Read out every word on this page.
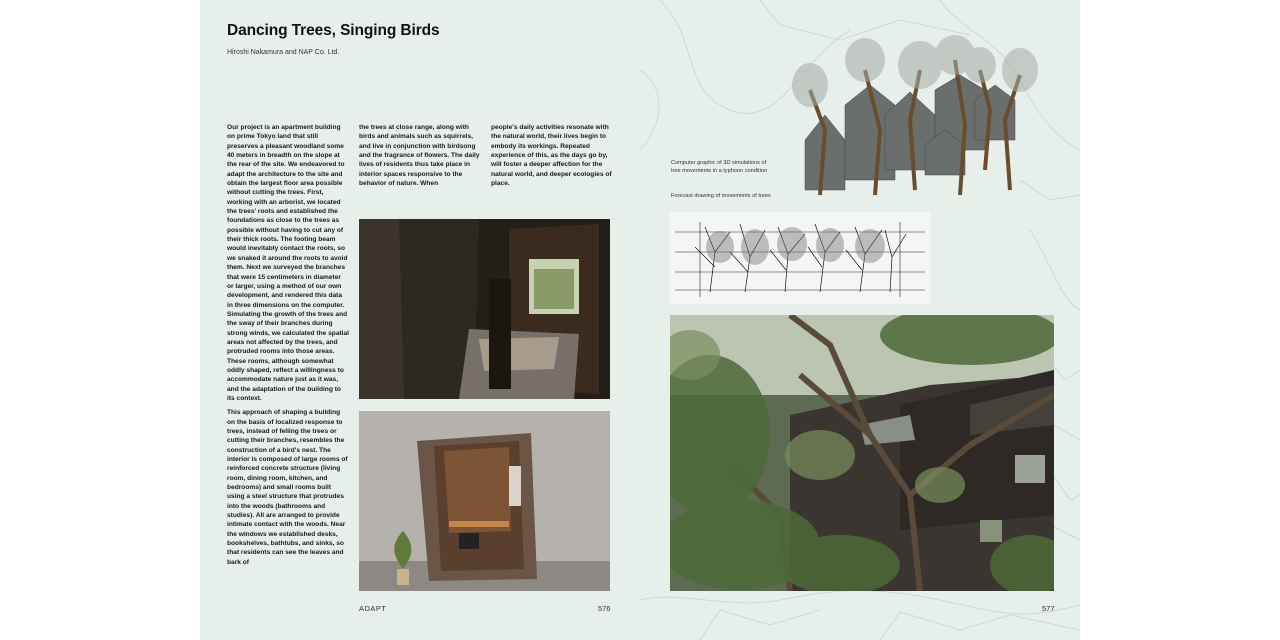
Dancing Trees, Singing Birds
Hiroshi Nakamura and NAP Co. Ltd.

Our project is an apartment building on prime Tokyo land that still preserves a pleasant woodland some 40 meters in breadth on the slope at the rear of the site. We endeavored to adapt the architecture to the site and obtain the largest floor area possible without cutting the trees. First, working with an arborist, we located the trees' roots and established the foundations as close to the trees as possible without having to cut any of their thick roots. The footing beam would inevitably contact the roots, so we snaked it around the roots to avoid them. Next we surveyed the branches that were 15 centimeters in diameter or larger, using a method of our own development, and rendered this data in three dimensions on the computer. Simulating the growth of the trees and the sway of their branches during strong winds, we calculated the spatial areas not affected by the trees, and protruded rooms into those areas. These rooms, although somewhat oddly shaped, reflect a willingness to accommodate nature just as it was, and the adaptation of the building to its context.

This approach of shaping a building on the basis of localized response to trees, instead of felling the trees or cutting their branches, resembles the construction of a bird's nest. The interior is composed of large rooms of reinforced concrete structure (living room, dining room, kitchen, and bedrooms) and small rooms built using a steel structure that protrudes into the woods (bathrooms and studies). All are arranged to provide intimate contact with the woods. Near the windows we established desks, bookshelves, bathtubs, and sinks, so that residents can see the leaves and bark of

the trees at close range, along with birds and animals such as squirrels, and live in conjunction with birdsong and the fragrance of flowers. The daily lives of residents thus take place in interior spaces responsive to the behavior of nature. When

people's daily activities resonate with the natural world, their lives begin to embody its workings. Repeated experience of this, as the days go by, will foster a deeper affection for the natural world, and deeper ecologies of place.

Computer graphic of 3D simulations of tree movements in a typhoon condition
Forecast drawing of movements of trees
ADAPT	576	577
